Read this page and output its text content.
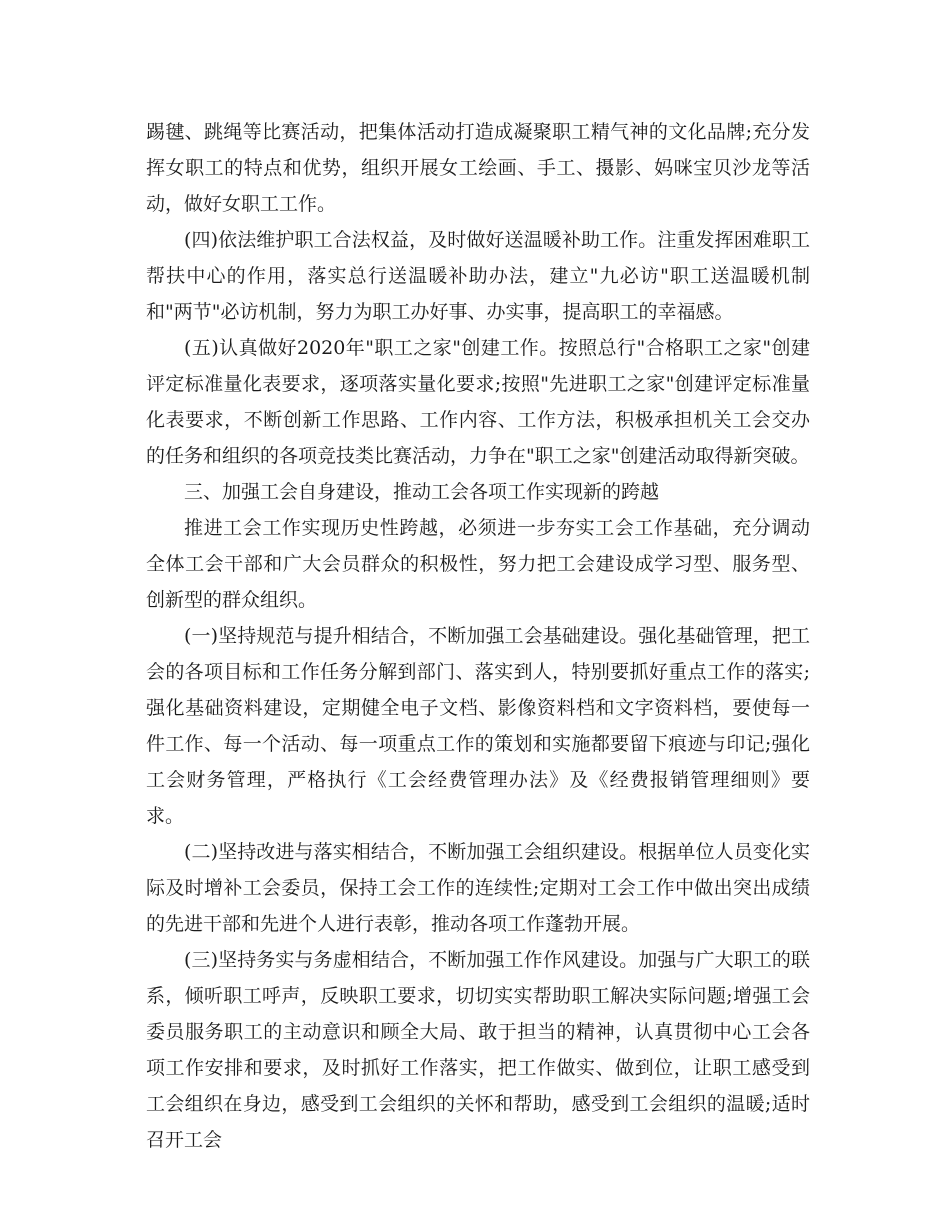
踢毽、跳绳等比赛活动，把集体活动打造成凝聚职工精气神的文化品牌;充分发挥女职工的特点和优势，组织开展女工绘画、手工、摄影、妈咪宝贝沙龙等活动，做好女职工工作。

(四)依法维护职工合法权益，及时做好送温暖补助工作。注重发挥困难职工帮扶中心的作用，落实总行送温暖补助办法，建立"九必访"职工送温暖机制和"两节"必访机制，努力为职工办好事、办实事，提高职工的幸福感。

(五)认真做好2020年"职工之家"创建工作。按照总行"合格职工之家"创建评定标准量化表要求，逐项落实量化要求;按照"先进职工之家"创建评定标准量化表要求，不断创新工作思路、工作内容、工作方法，积极承担机关工会交办的任务和组织的各项竞技类比赛活动，力争在"职工之家"创建活动取得新突破。

三、加强工会自身建设，推动工会各项工作实现新的跨越

推进工会工作实现历史性跨越，必须进一步夯实工会工作基础，充分调动全体工会干部和广大会员群众的积极性，努力把工会建设成学习型、服务型、创新型的群众组织。

(一)坚持规范与提升相结合，不断加强工会基础建设。强化基础管理，把工会的各项目标和工作任务分解到部门、落实到人，特别要抓好重点工作的落实;强化基础资料建设，定期健全电子文档、影像资料档和文字资料档，要使每一件工作、每一个活动、每一项重点工作的策划和实施都要留下痕迹与印记;强化工会财务管理，严格执行《工会经费管理办法》及《经费报销管理细则》要求。

(二)坚持改进与落实相结合，不断加强工会组织建设。根据单位人员变化实际及时增补工会委员，保持工会工作的连续性;定期对工会工作中做出突出成绩的先进干部和先进个人进行表彰，推动各项工作蓬勃开展。

(三)坚持务实与务虚相结合，不断加强工作作风建设。加强与广大职工的联系，倾听职工呼声，反映职工要求，切切实实帮助职工解决实际问题;增强工会委员服务职工的主动意识和顾全大局、敢于担当的精神，认真贯彻中心工会各项工作安排和要求，及时抓好工作落实，把工作做实、做到位，让职工感受到工会组织在身边，感受到工会组织的关怀和帮助，感受到工会组织的温暖;适时召开工会
